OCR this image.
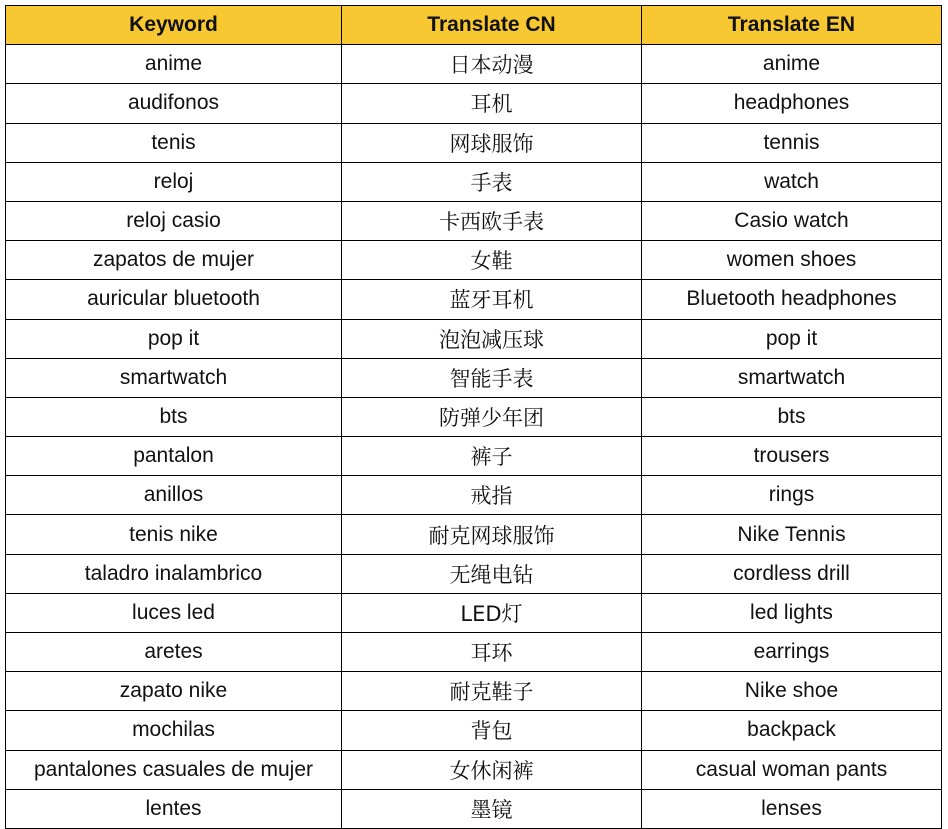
Keyword	Translate CN	Translate EN
anime	日本动漫	anime
audifonos	耳机	headphones
tenis	网球服饰	tennis
reloj	手表	watch
reloj casio	卡西欧手表	Casio watch
zapatos de mujer	女鞋	women shoes
auricular bluetooth	蓝牙耳机	Bluetooth headphones
pop it	泡泡减压球	pop it
smartwatch	智能手表	smartwatch
bts	防弹少年团	bts
pantalon	裤子	trousers
anillos	戒指	rings
tenis nike	耐克网球服饰	Nike Tennis
taladro inalambrico	无绳电钻	cordless drill
luces led	LED灯	led lights
aretes	耳环	earrings
zapato nike	耐克鞋子	Nike shoe
mochilas	背包	backpack
pantalones casuales de mujer	女休闲裤	casual woman pants
lentes	墨镜	lenses
